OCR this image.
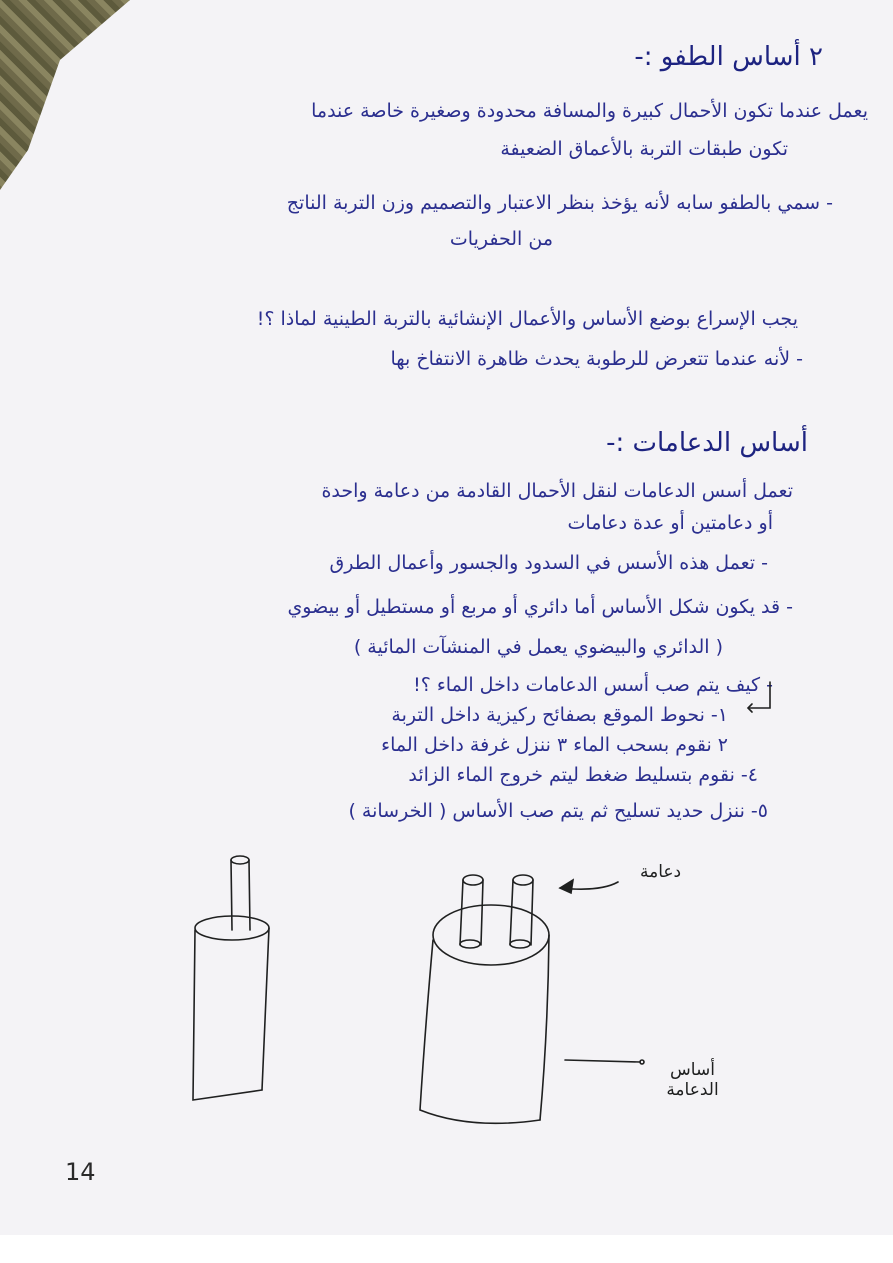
٢ أساس الطفو :-
يعمل عندما تكون الأحمال كبيرة والمسافة محدودة وصغيرة خاصة عندما
تكون طبقات التربة بالأعماق الضعيفة
- سمي بالطفو سابه لأنه يؤخذ بنظر الاعتبار والتصميم وزن التربة الناتج
من الحفريات
يجب الإسراع بوضع الأساس والأعمال الإنشائية بالتربة الطينية لماذا ؟!
- لأنه عندما تتعرض للرطوبة يحدث ظاهرة الانتفاخ بها
أساس الدعامات :-
تعمل أسس الدعامات لنقل الأحمال القادمة من دعامة واحدة
أو دعامتين أو عدة دعامات
- تعمل هذه الأسس في السدود والجسور وأعمال الطرق
- قد يكون شكل الأساس أما دائري أو مربع أو مستطيل أو بيضوي
( الدائري والبيضوي يعمل في المنشآت المائية )
- كيف يتم صب أسس الدعامات داخل الماء ؟!
١- نحوط الموقع بصفائح ركيزية داخل التربة
٢ نقوم بسحب الماء ٣ ننزل غرفة داخل الماء
٤- نقوم بتسليط ضغط ليتم خروج الماء الزائد
٥- ننزل حديد تسليح ثم يتم صب الأساس ( الخرسانة )
دعامة
أساس الدعامة
14
